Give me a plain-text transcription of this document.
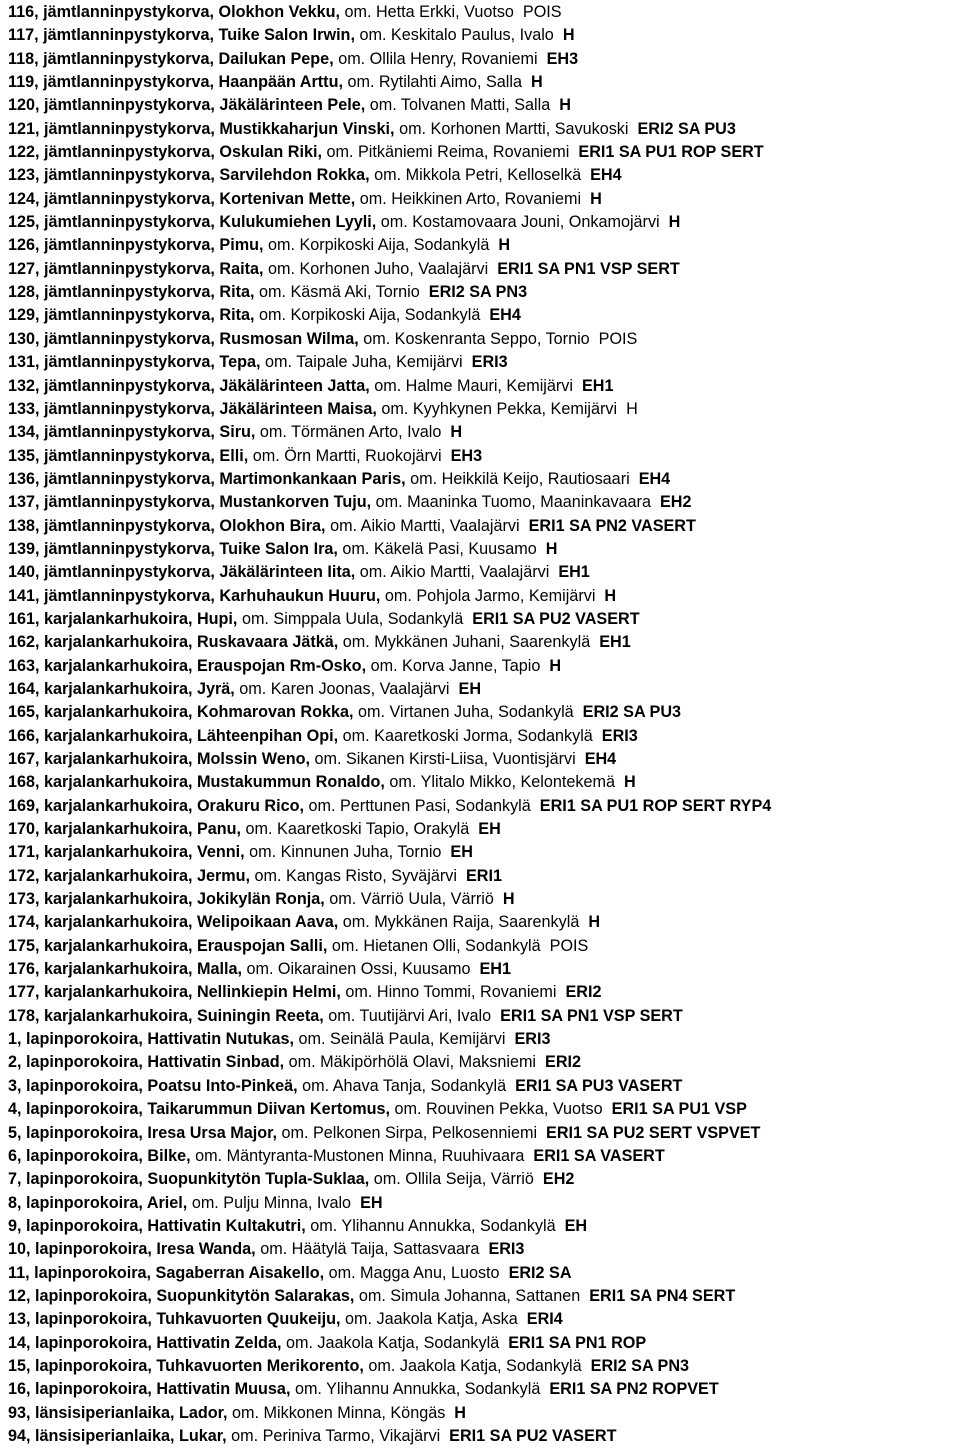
116, jämtlanninpystykorva, Olokhon Vekku, om. Hetta Erkki, Vuotso POIS
117, jämtlanninpystykorva, Tuike Salon Irwin, om. Keskitalo Paulus, Ivalo H
118, jämtlanninpystykorva, Dailukan Pepe, om. Ollila Henry, Rovaniemi EH3
119, jämtlanninpystykorva, Haanpään Arttu, om. Rytilahti Aimo, Salla H
120, jämtlanninpystykorva, Jäkälärinteen Pele, om. Tolvanen Matti, Salla H
121, jämtlanninpystykorva, Mustikkaharjun Vinski, om. Korhonen Martti, Savukoski ERI2 SA PU3
122, jämtlanninpystykorva, Oskulan Riki, om. Pitkäniemi Reima, Rovaniemi ERI1 SA PU1 ROP SERT
123, jämtlanninpystykorva, Sarvilehdon Rokka, om. Mikkola Petri, Kelloselkä EH4
124, jämtlanninpystykorva, Kortenivan Mette, om. Heikkinen Arto, Rovaniemi H
125, jämtlanninpystykorva, Kulukumiehen Lyyli, om. Kostamovaara Jouni, Onkamojärvi H
126, jämtlanninpystykorva, Pimu, om. Korpikoski Aija, Sodankylä H
127, jämtlanninpystykorva, Raita, om. Korhonen Juho, Vaalajärvi ERI1 SA PN1 VSP SERT
128, jämtlanninpystykorva, Rita, om. Käsmä Aki, Tornio ERI2 SA PN3
129, jämtlanninpystykorva, Rita, om. Korpikoski Aija, Sodankylä EH4
130, jämtlanninpystykorva, Rusmosan Wilma, om. Koskenranta Seppo, Tornio POIS
131, jämtlanninpystykorva, Tepa, om. Taipale Juha, Kemijärvi ERI3
132, jämtlanninpystykorva, Jäkälärinteen Jatta, om. Halme Mauri, Kemijärvi EH1
133, jämtlanninpystykorva, Jäkälärinteen Maisa, om. Kyyhkynen Pekka, Kemijärvi H
134, jämtlanninpystykorva, Siru, om. Törmänen Arto, Ivalo H
135, jämtlanninpystykorva, Elli, om. Örn Martti, Ruokojärvi EH3
136, jämtlanninpystykorva, Martimonkankaan Paris, om. Heikkilä Keijo, Rautiosaari EH4
137, jämtlanninpystykorva, Mustankorven Tuju, om. Maaninka Tuomo, Maaninkavaara EH2
138, jämtlanninpystykorva, Olokhon Bira, om. Aikio Martti, Vaalajärvi ERI1 SA PN2 VASERT
139, jämtlanninpystykorva, Tuike Salon Ira, om. Käkelä Pasi, Kuusamo H
140, jämtlanninpystykorva, Jäkälärinteen Iita, om. Aikio Martti, Vaalajärvi EH1
141, jämtlanninpystykorva, Karhuhaukun Huuru, om. Pohjola Jarmo, Kemijärvi H
161, karjalankarhukoira, Hupi, om. Simppala Uula, Sodankylä ERI1 SA PU2 VASERT
162, karjalankarhukoira, Ruskavaara Jätkä, om. Mykkänen Juhani, Saarenkylä EH1
163, karjalankarhukoira, Erauspojan Rm-Osko, om. Korva Janne, Tapio H
164, karjalankarhukoira, Jyrä, om. Karen Joonas, Vaalajärvi EH
165, karjalankarhukoira, Kohmarovan Rokka, om. Virtanen Juha, Sodankylä ERI2 SA PU3
166, karjalankarhukoira, Lähteenpihan Opi, om. Kaaretkoski Jorma, Sodankylä ERI3
167, karjalankarhukoira, Molssin Weno, om. Sikanen Kirsti-Liisa, Vuontisjärvi EH4
168, karjalankarhukoira, Mustakummun Ronaldo, om. Ylitalo Mikko, Kelontekemä H
169, karjalankarhukoira, Orakuru Rico, om. Perttunen Pasi, Sodankylä ERI1 SA PU1 ROP SERT RYP4
170, karjalankarhukoira, Panu, om. Kaaretkoski Tapio, Orakylä EH
171, karjalankarhukoira, Venni, om. Kinnunen Juha, Tornio EH
172, karjalankarhukoira, Jermu, om. Kangas Risto, Syväjärvi ERI1
173, karjalankarhukoira, Jokikylän Ronja, om. Värriö Uula, Värriö H
174, karjalankarhukoira, Welipoikaan Aava, om. Mykkänen Raija, Saarenkylä H
175, karjalankarhukoira, Erauspojan Salli, om. Hietanen Olli, Sodankylä POIS
176, karjalankarhukoira, Malla, om. Oikarainen Ossi, Kuusamo EH1
177, karjalankarhukoira, Nellinkiepin Helmi, om. Hinno Tommi, Rovaniemi ERI2
178, karjalankarhukoira, Suiningin Reeta, om. Tuutijärvi Ari, Ivalo ERI1 SA PN1 VSP SERT
1, lapinporokoira, Hattivatin Nutukas, om. Seinälä Paula, Kemijärvi ERI3
2, lapinporokoira, Hattivatin Sinbad, om. Mäkipörhölä Olavi, Maksniemi ERI2
3, lapinporokoira, Poatsu Into-Pinkeä, om. Ahava Tanja, Sodankylä ERI1 SA PU3 VASERT
4, lapinporokoira, Taikarummun Diivan Kertomus, om. Rouvinen Pekka, Vuotso ERI1 SA PU1 VSP
5, lapinporokoira, Iresa Ursa Major, om. Pelkonen Sirpa, Pelkosenniemi ERI1 SA PU2 SERT VSPVET
6, lapinporokoira, Bilke, om. Mäntyranta-Mustonen Minna, Ruuhivaara ERI1 SA VASERT
7, lapinporokoira, Suopunkitytön Tupla-Suklaa, om. Ollila Seija, Värriö EH2
8, lapinporokoira, Ariel, om. Pulju Minna, Ivalo EH
9, lapinporokoira, Hattivatin Kultakutri, om. Ylihannu Annukka, Sodankylä EH
10, lapinporokoira, Iresa Wanda, om. Häätylä Taija, Sattasvaara ERI3
11, lapinporokoira, Sagaberran Aisakello, om. Magga Anu, Luosto ERI2 SA
12, lapinporokoira, Suopunkitytön Salarakas, om. Simula Johanna, Sattanen ERI1 SA PN4 SERT
13, lapinporokoira, Tuhkavuorten Quukeiju, om. Jaakola Katja, Aska ERI4
14, lapinporokoira, Hattivatin Zelda, om. Jaakola Katja, Sodankylä ERI1 SA PN1 ROP
15, lapinporokoira, Tuhkavuorten Merikorento, om. Jaakola Katja, Sodankylä ERI2 SA PN3
16, lapinporokoira, Hattivatin Muusa, om. Ylihannu Annukka, Sodankylä ERI1 SA PN2 ROPVET
93, länsisiperianlaika, Lador, om. Mikkonen Minna, Köngäs H
94, länsisiperianlaika, Lukar, om. Periniva Tarmo, Vikajärvi ERI1 SA PU2 VASERT
